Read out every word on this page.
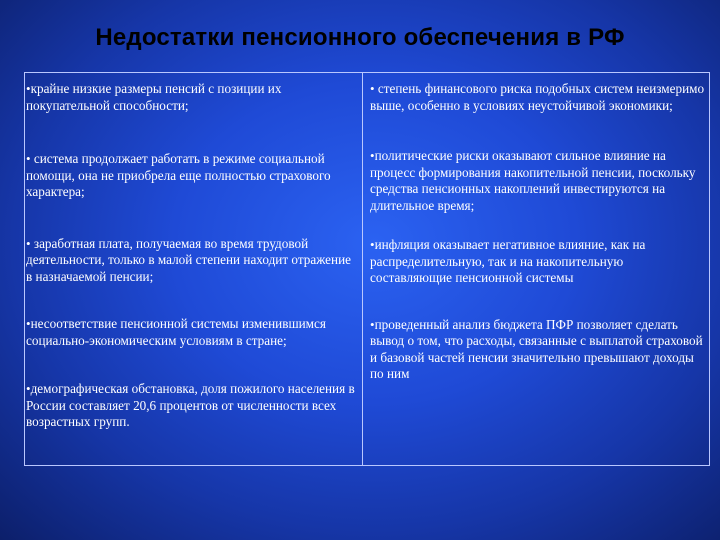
Недостатки пенсионного обеспечения в РФ

•крайне низкие размеры пенсий с позиции их покупательной способности;

• система продолжает работать в режиме социальной помощи, она не приобрела еще полностью страхового характера;

• заработная плата, получаемая во время трудовой деятельности, только в малой степени находит отражение в назначаемой пенсии;

•несоответствие пенсионной системы изменившимся социально-экономическим условиям в стране;

•демографическая обстановка, доля пожилого населения в России составляет 20,6 процентов от численности всех возрастных групп.

• степень финансового риска подобных систем неизмеримо выше, особенно в условиях неустойчивой экономики;

•политические риски оказывают сильное влияние на процесс формирования накопительной пенсии, поскольку средства пенсионных накоплений инвестируются на длительное время;

•инфляция оказывает негативное влияние, как на распределительную, так и на накопительную составляющие пенсионной системы

•проведенный анализ бюджета ПФР позволяет сделать вывод о том, что расходы, связанные с выплатой страховой и базовой частей пенсии значительно превышают доходы по ним
